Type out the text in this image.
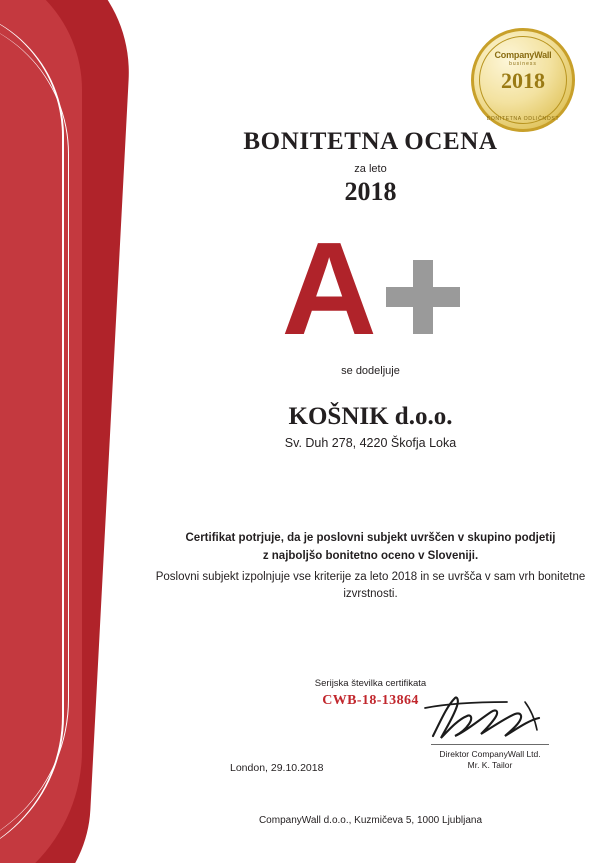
CompanyWall
business
2018
BONITETNA ODLIČNOST
BONITETNA OCENA
za leto
2018
A
se dodeljuje
KOŠNIK d.o.o.
Sv. Duh 278, 4220 Škofja Loka
Certifikat potrjuje, da je poslovni subjekt uvrščen v skupino podjetij
z najboljšo bonitetno oceno v Sloveniji.
Poslovni subjekt izpolnjuje vse kriterije za leto 2018 in se uvršča v sam vrh bonitetne izvrstnosti.
Serijska številka certifikata
CWB-18-13864
Direktor CompanyWall Ltd.
Mr. K. Tailor
London, 29.10.2018
CompanyWall d.o.o., Kuzmičeva 5, 1000 Ljubljana
